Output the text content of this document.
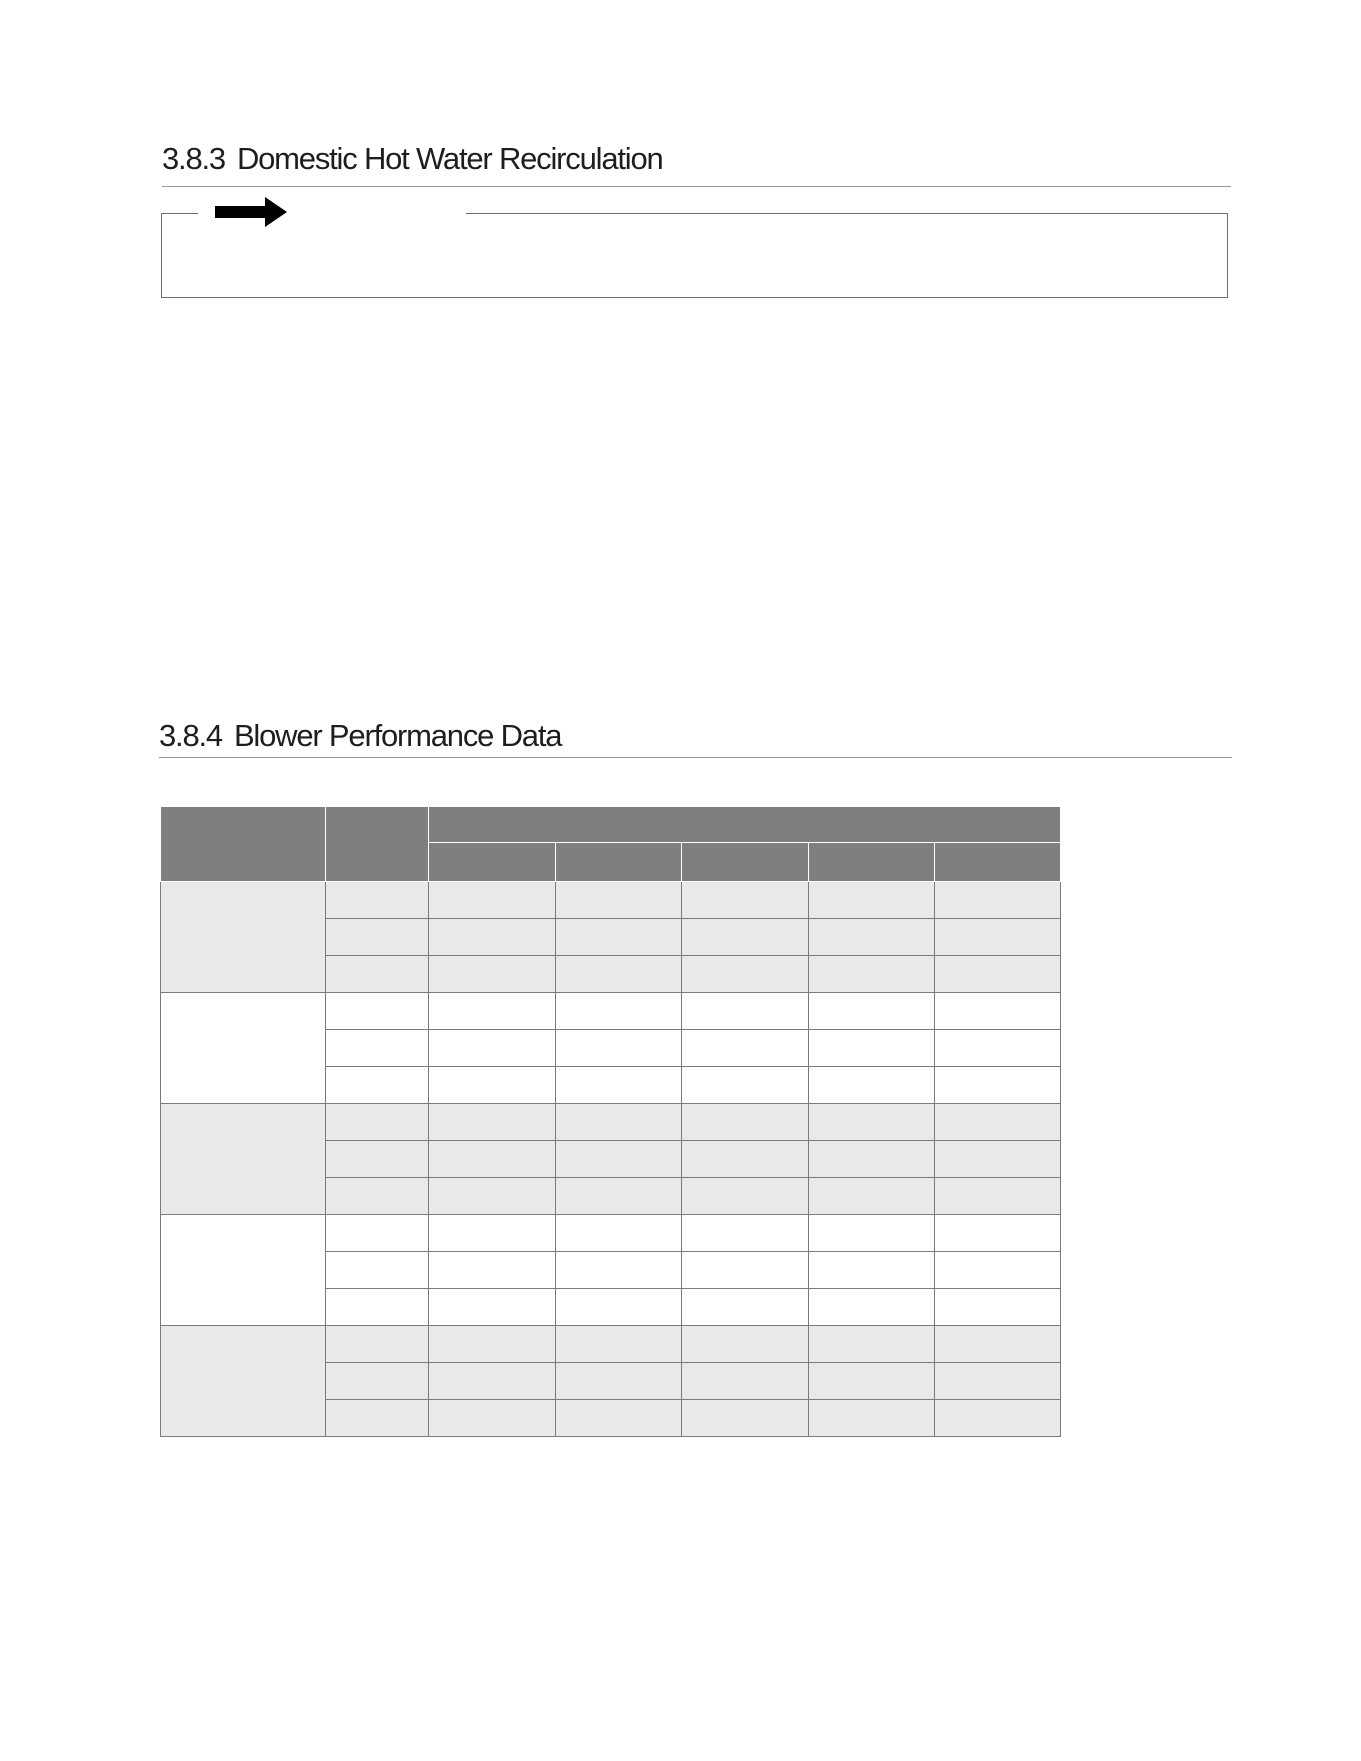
3.8.3 Domestic Hot Water Recirculation
3.8.4 Blower Performance Data
